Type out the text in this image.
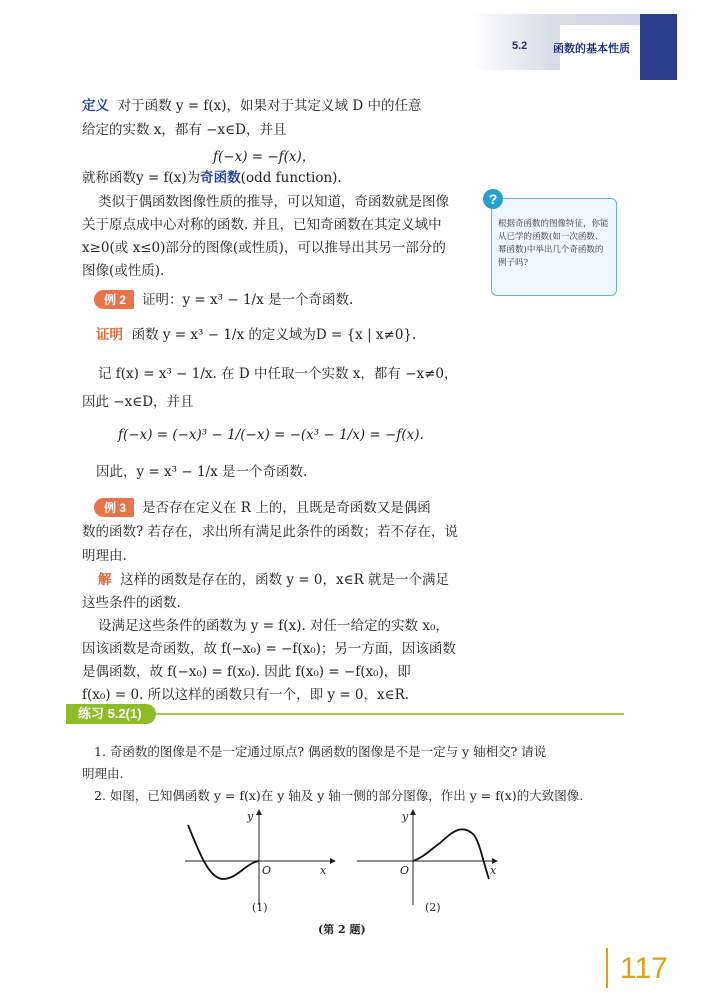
5.2 函数的基本性质
定义 对于函数 y = f(x)，如果对于其定义域 D 中的任意
给定的实数 x，都有 −x∈D，并且
f(−x) = −f(x)，
就称函数y = f(x)为奇函数(odd function).
类似于偶函数图像性质的推导，可以知道，奇函数就是图像
关于原点成中心对称的函数. 并且，已知奇函数在其定义域中
x≥0(或 x≤0)部分的图像(或性质)，可以推导出其另一部分的
图像(或性质).
?
根据奇函数的图像特征，你能从已学的函数(如一次函数、幂函数)中举出几个奇函数的例子吗?
例 2 证明：y = x³ − 1/x 是一个奇函数.
证明 函数 y = x³ − 1/x 的定义域为D = {x | x≠0}.
记 f(x) = x³ − 1/x. 在 D 中任取一个实数 x，都有 −x≠0，
因此 −x∈D，并且
f(−x) = (−x)³ − 1/(−x) = −(x³ − 1/x) = −f(x).
因此，y = x³ − 1/x 是一个奇函数.
例 3 是否存在定义在 R 上的，且既是奇函数又是偶函
数的函数? 若存在，求出所有满足此条件的函数；若不存在，说
明理由.
解 这样的函数是存在的，函数 y = 0，x∈R 就是一个满足
这些条件的函数.
设满足这些条件的函数为 y = f(x). 对任一给定的实数 x₀，
因该函数是奇函数，故 f(−x₀) = −f(x₀)；另一方面，因该函数
是偶函数，故 f(−x₀) = f(x₀). 因此 f(x₀) = −f(x₀)，即
f(x₀) = 0. 所以这样的函数只有一个，即 y = 0，x∈R.
练习 5.2(1)
1. 奇函数的图像是不是一定通过原点? 偶函数的图像是不是一定与 y 轴相交? 请说
明理由.
2. 如图，已知偶函数 y = f(x)在 y 轴及 y 轴一侧的部分图像，作出 y = f(x)的大致图像.
y
x
O
(1)
y
x
O
(2)
(第 2 题)
117
